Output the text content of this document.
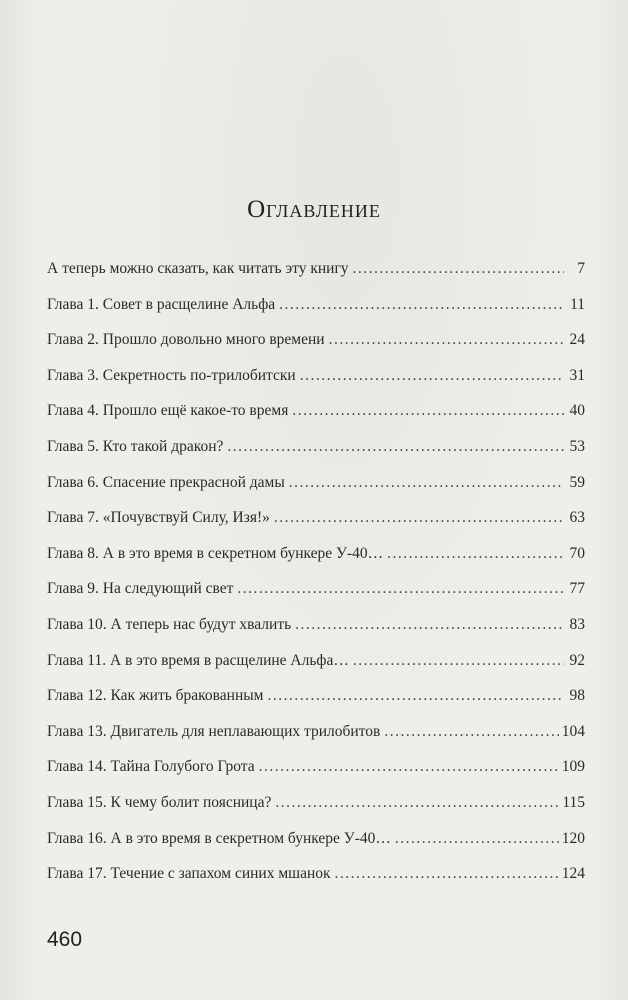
Оглавление
А теперь можно сказать, как читать эту книгу .....	7
Глава 1. Совет в расщелине Альфа .....	11
Глава 2. Прошло довольно много времени .....	24
Глава 3. Секретность по-трилобитски .....	31
Глава 4. Прошло ещё какое-то время .....	40
Глава 5. Кто такой дракон? .....	53
Глава 6. Спасение прекрасной дамы .....	59
Глава 7. «Почувствуй Силу, Изя!» .....	63
Глава 8. А в это время в секретном бункере У-40… .....	70
Глава 9. На следующий свет .....	77
Глава 10. А теперь нас будут хвалить .....	83
Глава 11. А в это время в расщелине Альфа… .....	92
Глава 12. Как жить бракованным .....	98
Глава 13. Двигатель для неплавающих трилобитов .....	104
Глава 14. Тайна Голубого Грота .....	109
Глава 15. К чему болит поясница? .....	115
Глава 16. А в это время в секретном бункере У-40… .....	120
Глава 17. Течение с запахом синих мшанок .....	124
460
